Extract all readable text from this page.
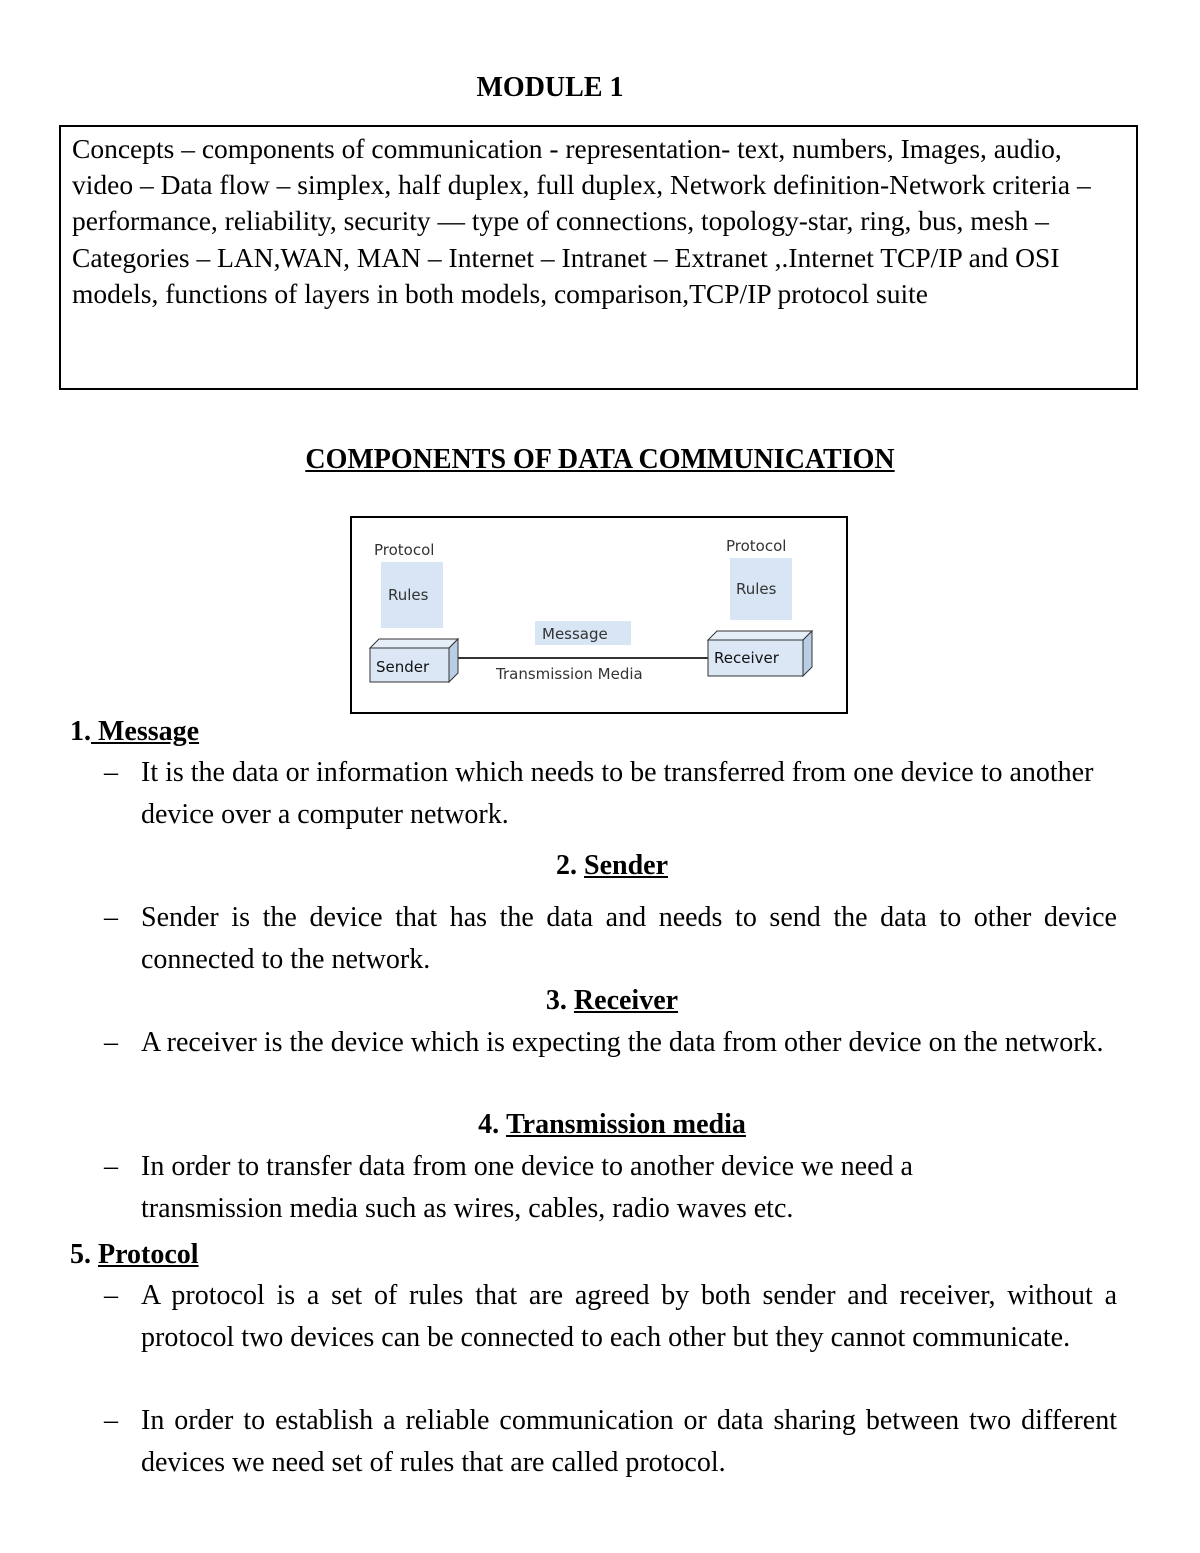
MODULE 1
Concepts – components of communication - representation- text, numbers, Images, audio, video – Data flow – simplex, half duplex, full duplex, Network definition-Network criteria – performance, reliability, security — type of connections, topology-star, ring, bus, mesh – Categories – LAN,WAN, MAN – Internet – Intranet – Extranet ,.Internet TCP/IP and OSI models, functions of layers in both models, comparison,TCP/IP protocol suite
COMPONENTS OF DATA COMMUNICATION
Protocol
Rules
Protocol
Rules
Message
Transmission Media
Sender	Receiver
1. Message
– It is the data or information which needs to be transferred from one device to another device over a computer network.
2. Sender
– Sender is the device that has the data and needs to send the data to other device connected to the network.
3. Receiver
– A receiver is the device which is expecting the data from other device on the network.
4. Transmission media
– In order to transfer data from one device to another device we need a transmission media such as wires, cables, radio waves etc.
5. Protocol
– A protocol is a set of rules that are agreed by both sender and receiver, without a protocol two devices can be connected to each other but they cannot communicate.
– In order to establish a reliable communication or data sharing between two different devices we need set of rules that are called protocol.
